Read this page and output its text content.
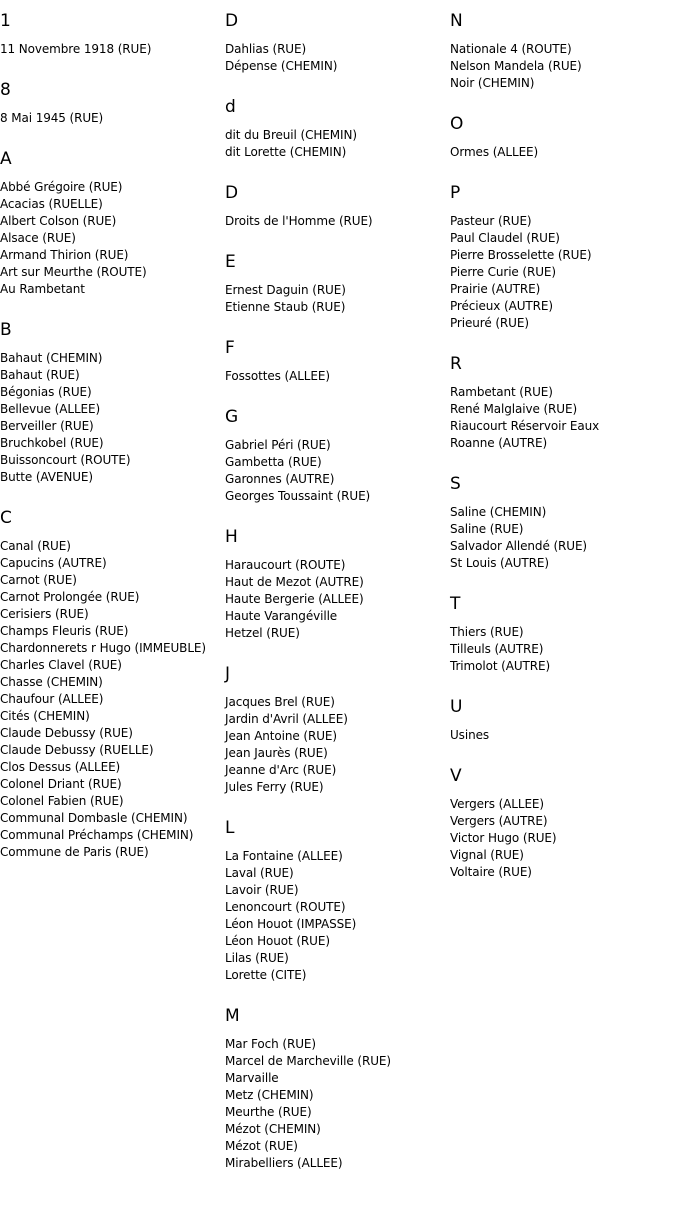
1
11 Novembre 1918 (RUE)
8
8 Mai 1945 (RUE)
A
Abbé Grégoire (RUE)
Acacias (RUELLE)
Albert Colson (RUE)
Alsace (RUE)
Armand Thirion (RUE)
Art sur Meurthe (ROUTE)
Au Rambetant
B
Bahaut (CHEMIN)
Bahaut (RUE)
Bégonias (RUE)
Bellevue (ALLEE)
Berveiller (RUE)
Bruchkobel (RUE)
Buissoncourt (ROUTE)
Butte (AVENUE)
C
Canal (RUE)
Capucins (AUTRE)
Carnot (RUE)
Carnot Prolongée (RUE)
Cerisiers (RUE)
Champs Fleuris (RUE)
Chardonnerets r Hugo (IMMEUBLE)
Charles Clavel (RUE)
Chasse (CHEMIN)
Chaufour (ALLEE)
Cités (CHEMIN)
Claude Debussy (RUE)
Claude Debussy (RUELLE)
Clos Dessus (ALLEE)
Colonel Driant (RUE)
Colonel Fabien (RUE)
Communal Dombasle (CHEMIN)
Communal Préchamps (CHEMIN)
Commune de Paris (RUE)
D
Dahlias (RUE)
Dépense (CHEMIN)
d
dit du Breuil (CHEMIN)
dit Lorette (CHEMIN)
D
Droits de l'Homme (RUE)
E
Ernest Daguin (RUE)
Etienne Staub (RUE)
F
Fossottes (ALLEE)
G
Gabriel Péri (RUE)
Gambetta (RUE)
Garonnes (AUTRE)
Georges Toussaint (RUE)
H
Haraucourt (ROUTE)
Haut de Mezot (AUTRE)
Haute Bergerie (ALLEE)
Haute Varangéville
Hetzel (RUE)
J
Jacques Brel (RUE)
Jardin d'Avril (ALLEE)
Jean Antoine (RUE)
Jean Jaurès (RUE)
Jeanne d'Arc (RUE)
Jules Ferry (RUE)
L
La Fontaine (ALLEE)
Laval (RUE)
Lavoir (RUE)
Lenoncourt (ROUTE)
Léon Houot (IMPASSE)
Léon Houot (RUE)
Lilas (RUE)
Lorette (CITE)
M
Mar Foch (RUE)
Marcel de Marcheville (RUE)
Marvaille
Metz (CHEMIN)
Meurthe (RUE)
Mézot (CHEMIN)
Mézot (RUE)
Mirabelliers (ALLEE)
N
Nationale 4 (ROUTE)
Nelson Mandela (RUE)
Noir (CHEMIN)
O
Ormes (ALLEE)
P
Pasteur (RUE)
Paul Claudel (RUE)
Pierre Brosselette (RUE)
Pierre Curie (RUE)
Prairie (AUTRE)
Précieux (AUTRE)
Prieuré (RUE)
R
Rambetant (RUE)
René Malglaive (RUE)
Riaucourt Réservoir Eaux
Roanne (AUTRE)
S
Saline (CHEMIN)
Saline (RUE)
Salvador Allendé (RUE)
St Louis (AUTRE)
T
Thiers (RUE)
Tilleuls (AUTRE)
Trimolot (AUTRE)
U
Usines
V
Vergers (ALLEE)
Vergers (AUTRE)
Victor Hugo (RUE)
Vignal (RUE)
Voltaire (RUE)
